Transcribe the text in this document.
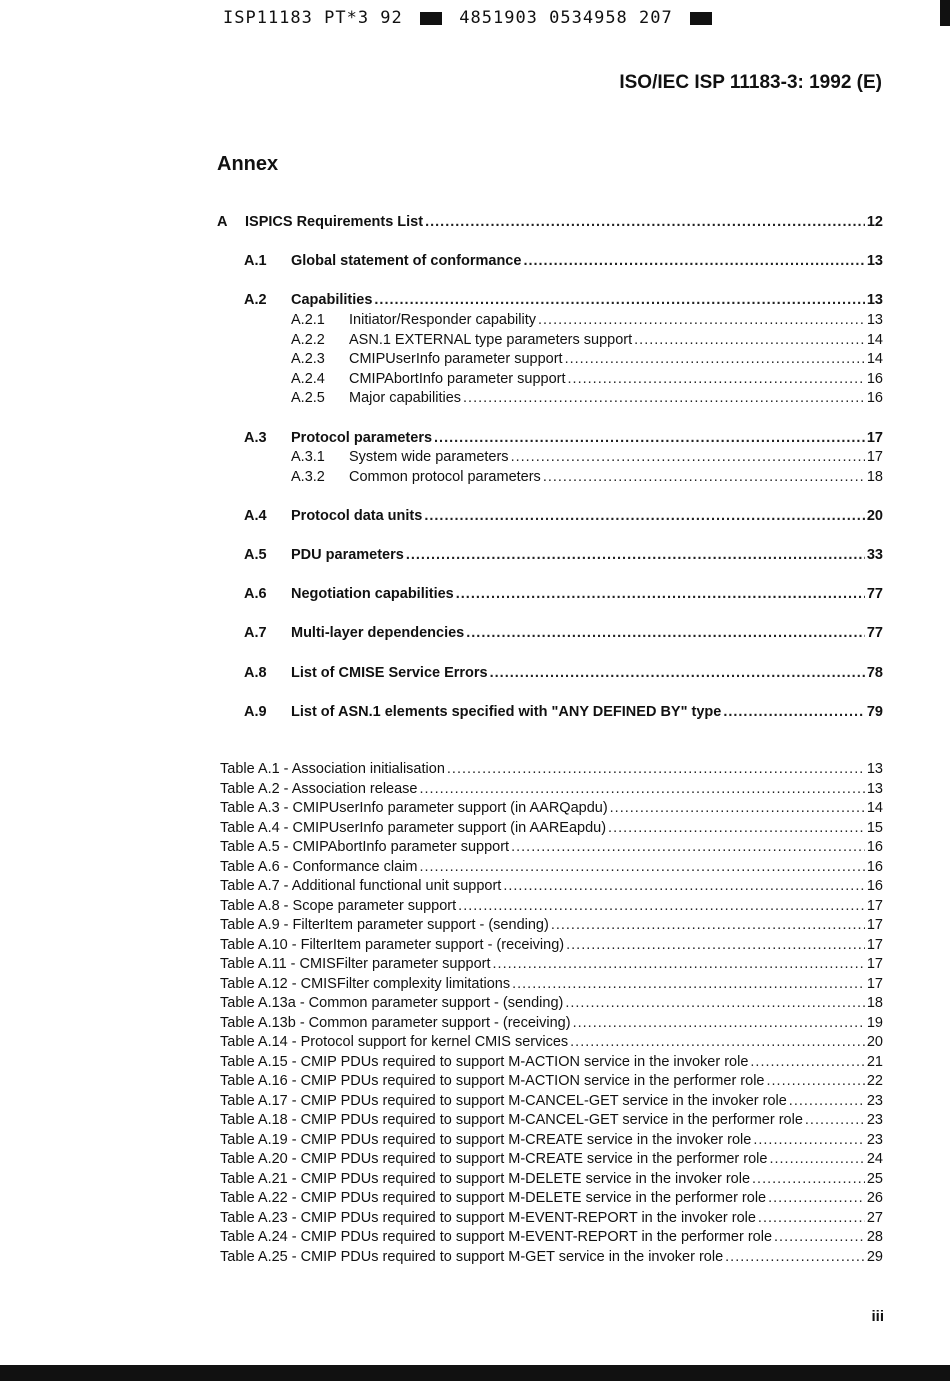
ISP11183 PT*3 92	4851903 0534958 207
ISO/IEC ISP 11183-3: 1992 (E)
Annex
A	ISPICS Requirements List .....	12
A.1	Global statement of conformance .....	13
A.2	Capabilities .....	13
A.2.1	Initiator/Responder capability .....	13
A.2.2	ASN.1 EXTERNAL type parameters support .....	14
A.2.3	CMIPUserInfo parameter support .....	14
A.2.4	CMIPAbortInfo parameter support .....	16
A.2.5	Major capabilities .....	16
A.3	Protocol parameters .....	17
A.3.1	System wide parameters .....	17
A.3.2	Common protocol parameters .....	18
A.4	Protocol data units .....	20
A.5	PDU parameters .....	33
A.6	Negotiation capabilities .....	77
A.7	Multi-layer dependencies .....	77
A.8	List of CMISE Service Errors .....	78
A.9	List of ASN.1 elements specified with "ANY DEFINED BY" type .....	79
Table A.1 - Association initialisation .....	13
Table A.2 - Association release .....	13
Table A.3 - CMIPUserInfo parameter support (in AARQapdu) .....	14
Table A.4 - CMIPUserInfo parameter support (in AAREapdu) .....	15
Table A.5 - CMIPAbortInfo parameter support .....	16
Table A.6 - Conformance claim .....	16
Table A.7 - Additional functional unit support .....	16
Table A.8 - Scope parameter support .....	17
Table A.9 - FilterItem parameter support - (sending) .....	17
Table A.10 - FilterItem parameter support - (receiving) .....	17
Table A.11 - CMISFilter parameter support .....	17
Table A.12 - CMISFilter complexity limitations .....	17
Table A.13a - Common parameter support - (sending) .....	18
Table A.13b - Common parameter support - (receiving) .....	19
Table A.14 - Protocol support for kernel CMIS services .....	20
Table A.15 - CMIP PDUs required to support M-ACTION service in the invoker role .....	21
Table A.16 - CMIP PDUs required to support M-ACTION service in the performer role .....	22
Table A.17 - CMIP PDUs required to support M-CANCEL-GET service in the invoker role .....	23
Table A.18 - CMIP PDUs required to support M-CANCEL-GET service in the performer role .....	23
Table A.19 - CMIP PDUs required to support M-CREATE service in the invoker role .....	23
Table A.20 - CMIP PDUs required to support M-CREATE service in the performer role .....	24
Table A.21 - CMIP PDUs required to support M-DELETE service in the invoker role .....	25
Table A.22 - CMIP PDUs required to support M-DELETE service in the performer role .....	26
Table A.23 - CMIP PDUs required to support M-EVENT-REPORT in the invoker role .....	27
Table A.24 - CMIP PDUs required to support M-EVENT-REPORT in the performer role .....	28
Table A.25 - CMIP PDUs required to support M-GET service in the invoker role .....	29
iii
